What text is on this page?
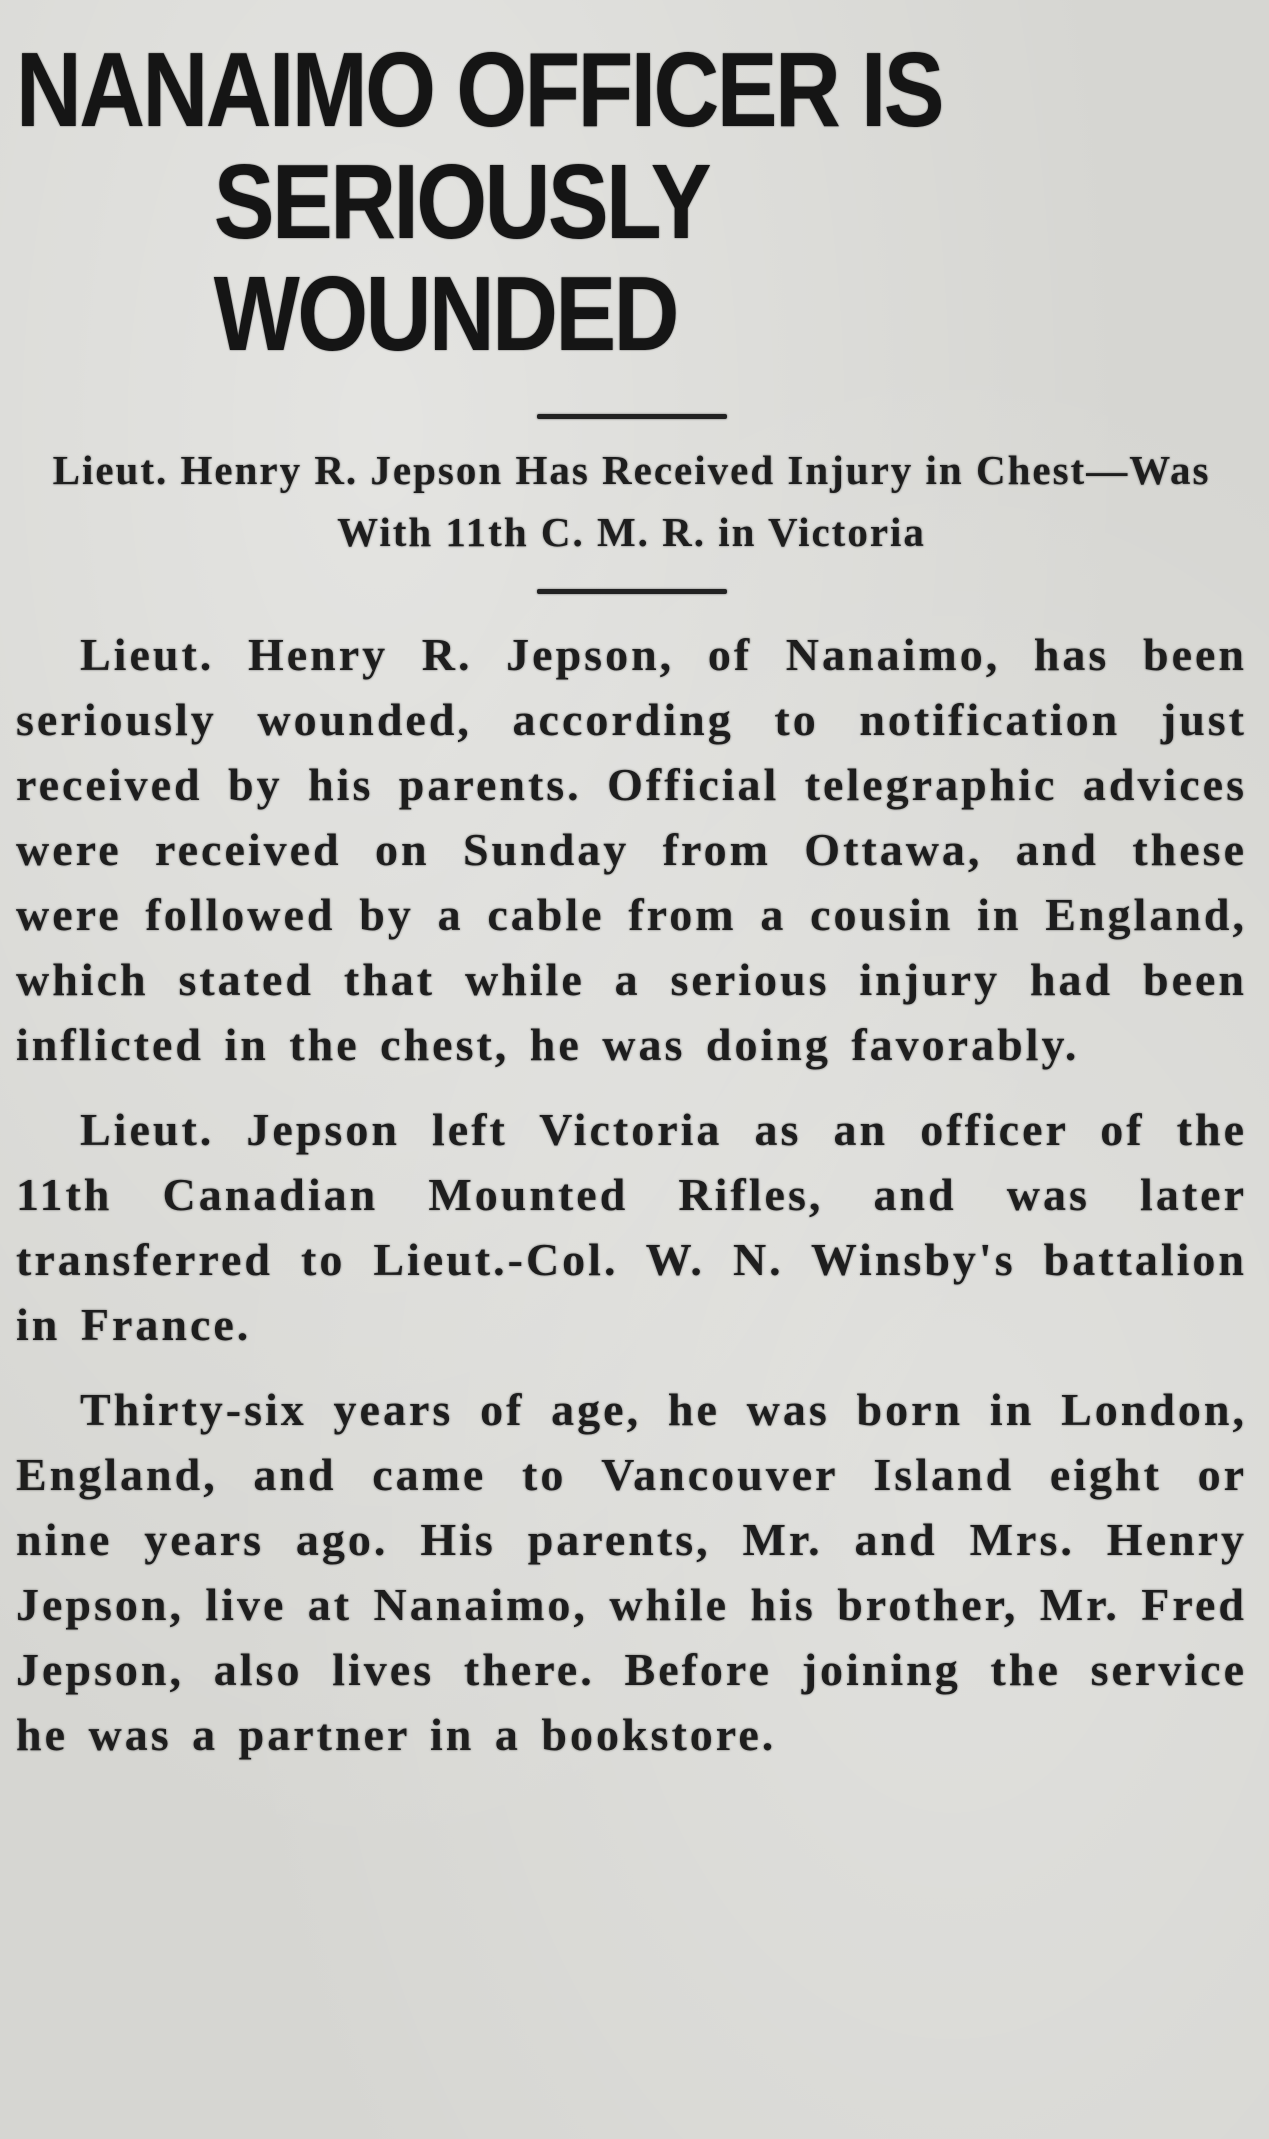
NANAIMO OFFICER IS
SERIOUSLY WOUNDED
Lieut. Henry R. Jepson Has Received Injury in Chest—Was With 11th C. M. R. in Victoria

Lieut. Henry R. Jepson, of Nanaimo, has been seriously wounded, according to notification just received by his parents. Official telegraphic advices were received on Sunday from Ottawa, and these were followed by a cable from a cousin in England, which stated that while a serious injury had been inflicted in the chest, he was doing favorably.

Lieut. Jepson left Victoria as an officer of the 11th Canadian Mounted Rifles, and was later transferred to Lieut.-Col. W. N. Winsby's battalion in France.

Thirty-six years of age, he was born in London, England, and came to Vancouver Island eight or nine years ago. His parents, Mr. and Mrs. Henry Jepson, live at Nanaimo, while his brother, Mr. Fred Jepson, also lives there. Before joining the service he was a partner in a bookstore.
